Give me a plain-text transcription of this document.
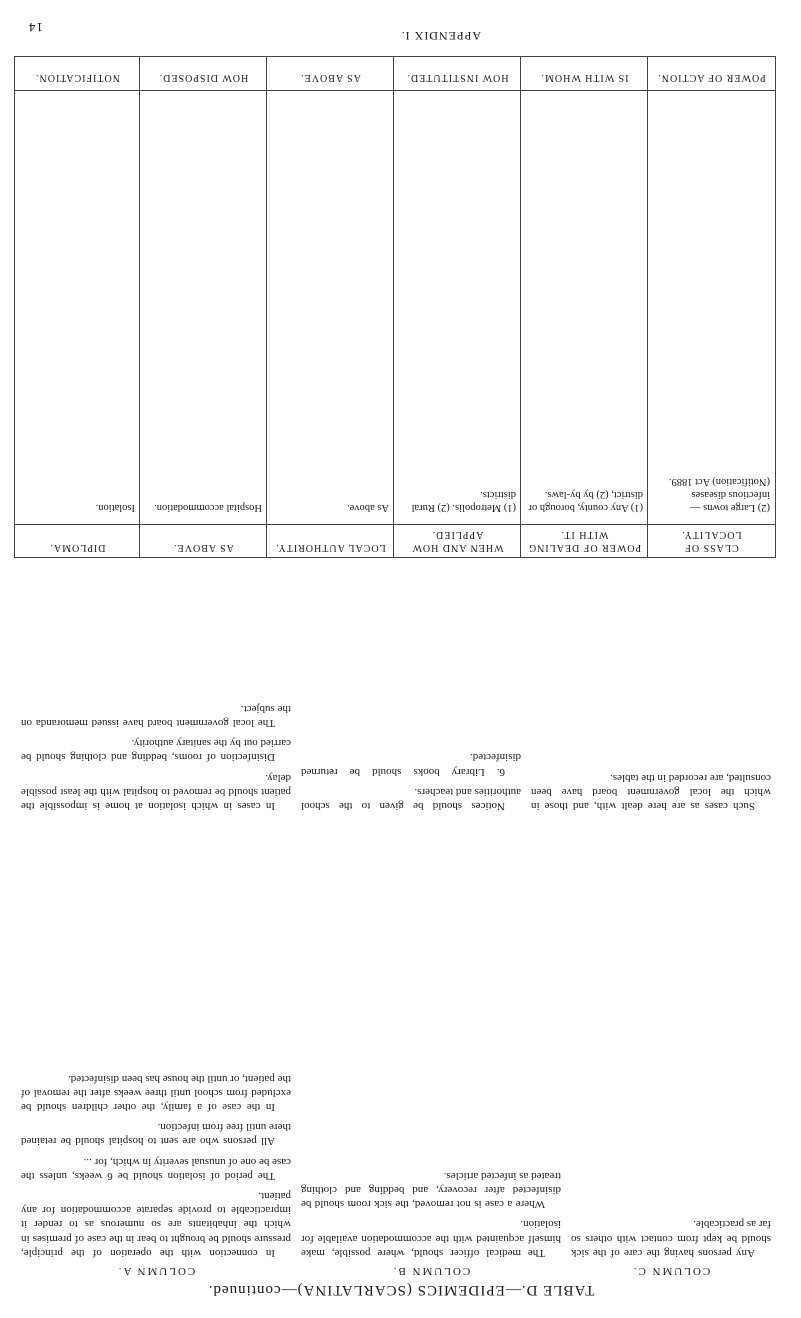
14
APPENDIX I.
TABLE D.—EPIDEMICS (SCARLATINA)—continued.
COLUMN A.

In connection with the operation of the principle, pressure should be brought to bear in the case of premises in which the inhabitants are so numerous as to render it impracticable to provide separate accommodation for any patient.

The period of isolation should be 6 weeks, unless the case be one of unusual severity in which, for ...

All persons who are sent to hospital should be retained there until free from infection.

In the case of a family, the other children should be excluded from school until three weeks after the removal of the patient, or until the house has been disinfected.

COLUMN B.

The medical officer should, where possible, make himself acquainted with the accommodation available for isolation.

Where a case is not removed, the sick room should be disinfected after recovery, and bedding and clothing treated as infected articles.

COLUMN C.

Any persons having the care of the sick should be kept from contact with others so far as practicable.

In cases in which isolation at home is impossible the patient should be removed to hospital with the least possible delay.

Disinfection of rooms, bedding and clothing should be carried out by the sanitary authority.

The local government board have issued memoranda on the subject.

Notices should be given to the school authorities and teachers.

6. Library books should be returned disinfected.

Such cases as are here dealt with, and those in which the local government board have been consulted, are recorded in the tables.

CLASS OF LOCALITY.
POWER OF DEALING WITH IT.
WHEN AND HOW APPLIED.
LOCAL AUTHORITY.
AS ABOVE.
DIPLOMA.
(2) Large towns — infectious diseases (Notification) Act 1889.
(1) Any county, borough or district, (2) by by-laws.
(1) Metropolis. (2) Rural districts.
As above.
Hospital accommodation.
Isolation.
POWER OF ACTION.
IS WITH WHOM.
HOW INSTITUTED.
AS ABOVE.
HOW DISPOSED.
NOTIFICATION.
